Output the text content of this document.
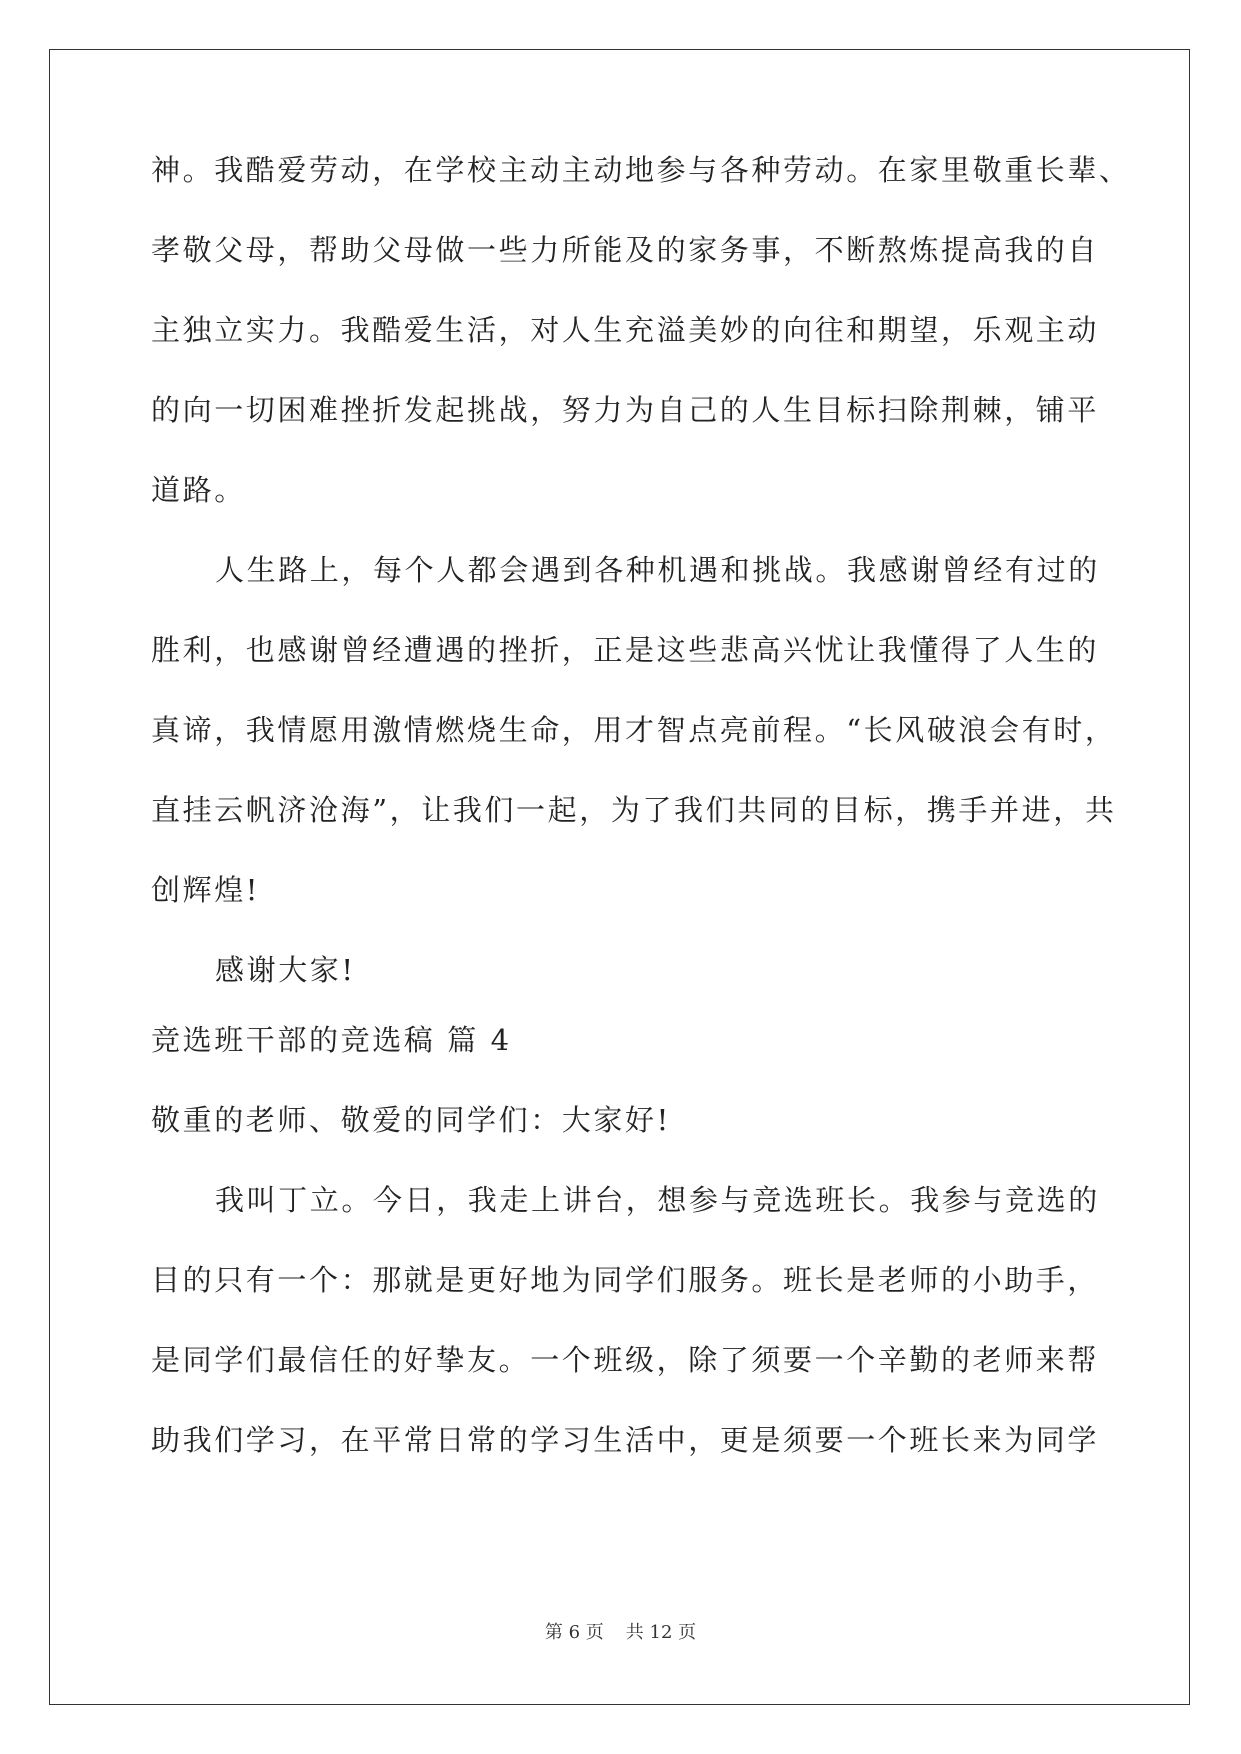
神。我酷爱劳动，在学校主动主动地参与各种劳动。在家里敬重长辈、
孝敬父母，帮助父母做一些力所能及的家务事，不断熬炼提高我的自
主独立实力。我酷爱生活，对人生充溢美妙的向往和期望，乐观主动
的向一切困难挫折发起挑战，努力为自己的人生目标扫除荆棘，铺平
道路。
人生路上，每个人都会遇到各种机遇和挑战。我感谢曾经有过的
胜利，也感谢曾经遭遇的挫折，正是这些悲高兴忧让我懂得了人生的
真谛，我情愿用激情燃烧生命，用才智点亮前程。“长风破浪会有时，
直挂云帆济沧海”，让我们一起，为了我们共同的目标，携手并进，共
创辉煌!
感谢大家!
竞选班干部的竞选稿 篇 4
敬重的老师、敬爱的同学们：大家好!
我叫丁立。今日，我走上讲台，想参与竞选班长。我参与竞选的
目的只有一个：那就是更好地为同学们服务。班长是老师的小助手，
是同学们最信任的好挚友。一个班级，除了须要一个辛勤的老师来帮
助我们学习，在平常日常的学习生活中，更是须要一个班长来为同学
第 6 页 共 12 页
